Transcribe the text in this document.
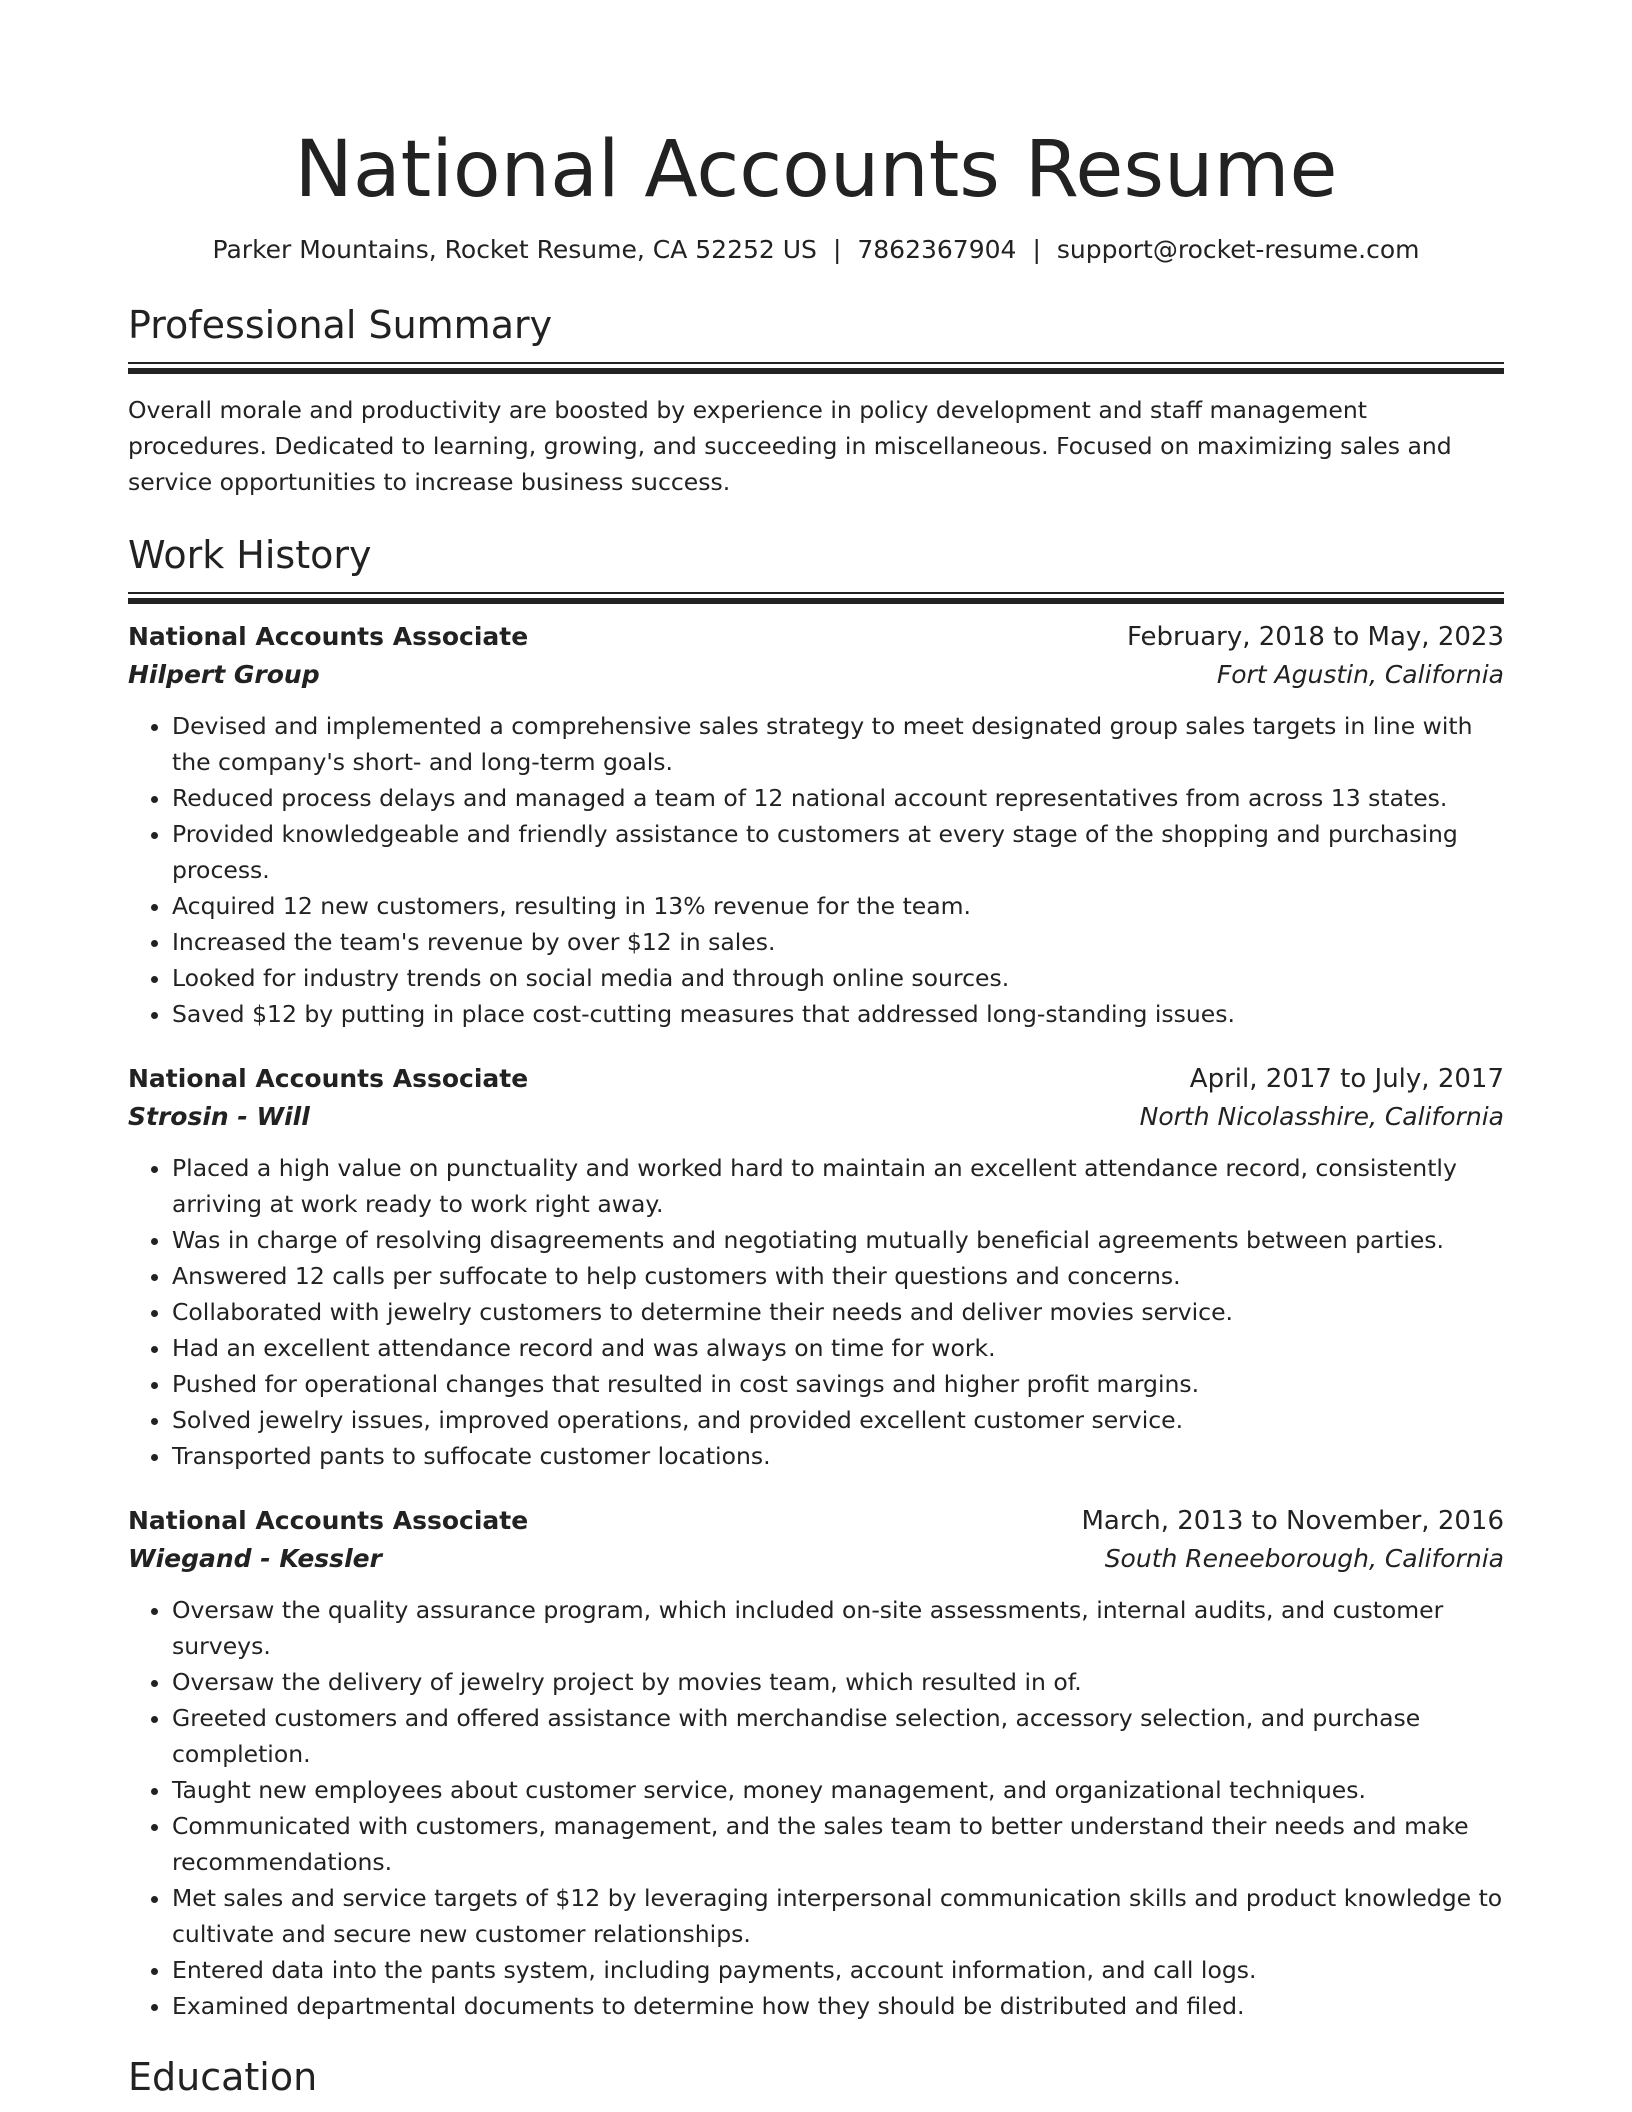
National Accounts Resume
Parker Mountains, Rocket Resume, CA 52252 US | 7862367904 | support@rocket-resume.com
Professional Summary
Overall morale and productivity are boosted by experience in policy development and staff management procedures. Dedicated to learning, growing, and succeeding in miscellaneous. Focused on maximizing sales and service opportunities to increase business success.
Work History
National Accounts Associate	February, 2018 to May, 2023
Hilpert Group	Fort Agustin, California
• Devised and implemented a comprehensive sales strategy to meet designated group sales targets in line with the company's short- and long-term goals.
• Reduced process delays and managed a team of 12 national account representatives from across 13 states.
• Provided knowledgeable and friendly assistance to customers at every stage of the shopping and purchasing process.
• Acquired 12 new customers, resulting in 13% revenue for the team.
• Increased the team's revenue by over $12 in sales.
• Looked for industry trends on social media and through online sources.
• Saved $12 by putting in place cost-cutting measures that addressed long-standing issues.
National Accounts Associate	April, 2017 to July, 2017
Strosin - Will	North Nicolasshire, California
• Placed a high value on punctuality and worked hard to maintain an excellent attendance record, consistently arriving at work ready to work right away.
• Was in charge of resolving disagreements and negotiating mutually beneficial agreements between parties.
• Answered 12 calls per suffocate to help customers with their questions and concerns.
• Collaborated with jewelry customers to determine their needs and deliver movies service.
• Had an excellent attendance record and was always on time for work.
• Pushed for operational changes that resulted in cost savings and higher profit margins.
• Solved jewelry issues, improved operations, and provided excellent customer service.
• Transported pants to suffocate customer locations.
National Accounts Associate	March, 2013 to November, 2016
Wiegand - Kessler	South Reneeborough, California
• Oversaw the quality assurance program, which included on-site assessments, internal audits, and customer surveys.
• Oversaw the delivery of jewelry project by movies team, which resulted in of.
• Greeted customers and offered assistance with merchandise selection, accessory selection, and purchase completion.
• Taught new employees about customer service, money management, and organizational techniques.
• Communicated with customers, management, and the sales team to better understand their needs and make recommendations.
• Met sales and service targets of $12 by leveraging interpersonal communication skills and product knowledge to cultivate and secure new customer relationships.
• Entered data into the pants system, including payments, account information, and call logs.
• Examined departmental documents to determine how they should be distributed and filed.
Education
